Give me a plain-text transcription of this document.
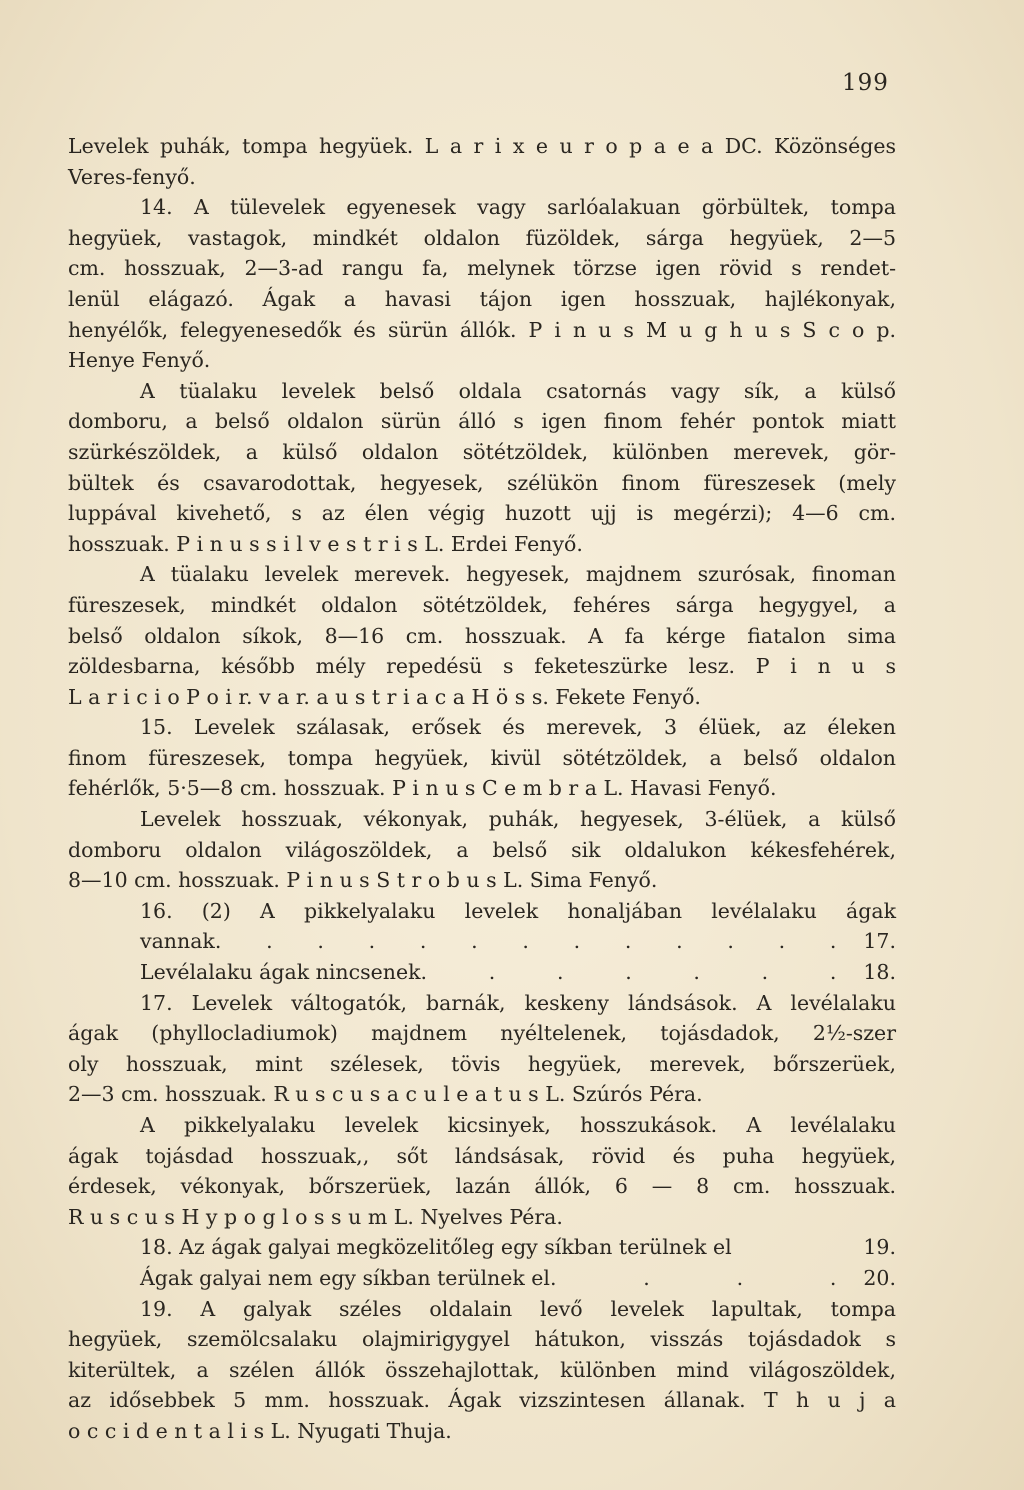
199
Levelek puhák, tompa hegyüek. L a r i x e u r o p a e a DC. Közönséges
Veres-fenyő.
14. A tülevelek egyenesek vagy sarlóalakuan görbültek, tompa
hegyüek, vastagok, mindkét oldalon füzöldek, sárga hegyüek, 2—5
cm. hosszuak, 2—3-ad rangu fa, melynek törzse igen rövid s rendet-
lenül elágazó. Ágak a havasi tájon igen hosszuak, hajlékonyak,
henyélők, felegyenesedők és sürün állók. P i n u s M u g h u s S c o p.
Henye Fenyő.
A tüalaku levelek belső oldala csatornás vagy sík, a külső
domboru, a belső oldalon sürün álló s igen finom fehér pontok miatt
szürkészöldek, a külső oldalon sötétzöldek, különben merevek, gör-
bültek és csavarodottak, hegyesek, szélükön finom füreszesek (mely
luppával kivehető, s az élen végig huzott ujj is megérzi); 4—6 cm.
hosszuak. P i n u s s i l v e s t r i s L. Erdei Fenyő.
A tüalaku levelek merevek. hegyesek, majdnem szurósak, finoman
füreszesek, mindkét oldalon sötétzöldek, fehéres sárga hegygyel, a
belső oldalon síkok, 8—16 cm. hosszuak. A fa kérge fiatalon sima
zöldesbarna, később mély repedésü s feketeszürke lesz. P i n u s
L a r i c i o P o i r. v a r. a u s t r i a c a H ö s s. Fekete Fenyő.
15. Levelek szálasak, erősek és merevek, 3 élüek, az éleken
finom füreszesek, tompa hegyüek, kivül sötétzöldek, a belső oldalon
fehérlők, 5·5—8 cm. hosszuak. P i n u s C e m b r a L. Havasi Fenyő.
Levelek hosszuak, vékonyak, puhák, hegyesek, 3-élüek, a külső
domboru oldalon világoszöldek, a belső sik oldalukon kékesfehérek,
8—10 cm. hosszuak. P i n u s S t r o b u s L. Sima Fenyő.
16. (2) A pikkelyalaku levelek honaljában levélalaku ágak
vannak . . . . . . . . . . . . . 17.
Levélalaku ágak nincsenek . . . . . . . 18.
17. Levelek váltogatók, barnák, keskeny lándsások. A levélalaku
ágak (phyllocladiumok) majdnem nyéltelenek, tojásdadok, 2½-szer
oly hosszuak, mint szélesek, tövis hegyüek, merevek, bőrszerüek,
2—3 cm. hosszuak. R u s c u s a c u l e a t u s L. Szúrós Péra.
A pikkelyalaku levelek kicsinyek, hosszukások. A levélalaku
ágak tojásdad hosszuak,‚ sőt lándsásak, rövid és puha hegyüek,
érdesek, vékonyak, bőrszerüek, lazán állók, 6 — 8 cm. hosszuak.
R u s c u s H y p o g l o s s u m L. Nyelves Péra.
18. Az ágak galyai megközelitőleg egy síkban terülnek el	19.
Ágak galyai nem egy síkban terülnek el . . . . 20.
19. A galyak széles oldalain levő levelek lapultak, tompa
hegyüek, szemölcsalaku olajmirigygyel hátukon, visszás tojásdadok s
kiterültek, a szélen állók összehajlottak, különben mind világoszöldek,
az idősebbek 5 mm. hosszuak. Ágak vizszintesen állanak. T h u j a
o c c i d e n t a l i s L. Nyugati Thuja.
